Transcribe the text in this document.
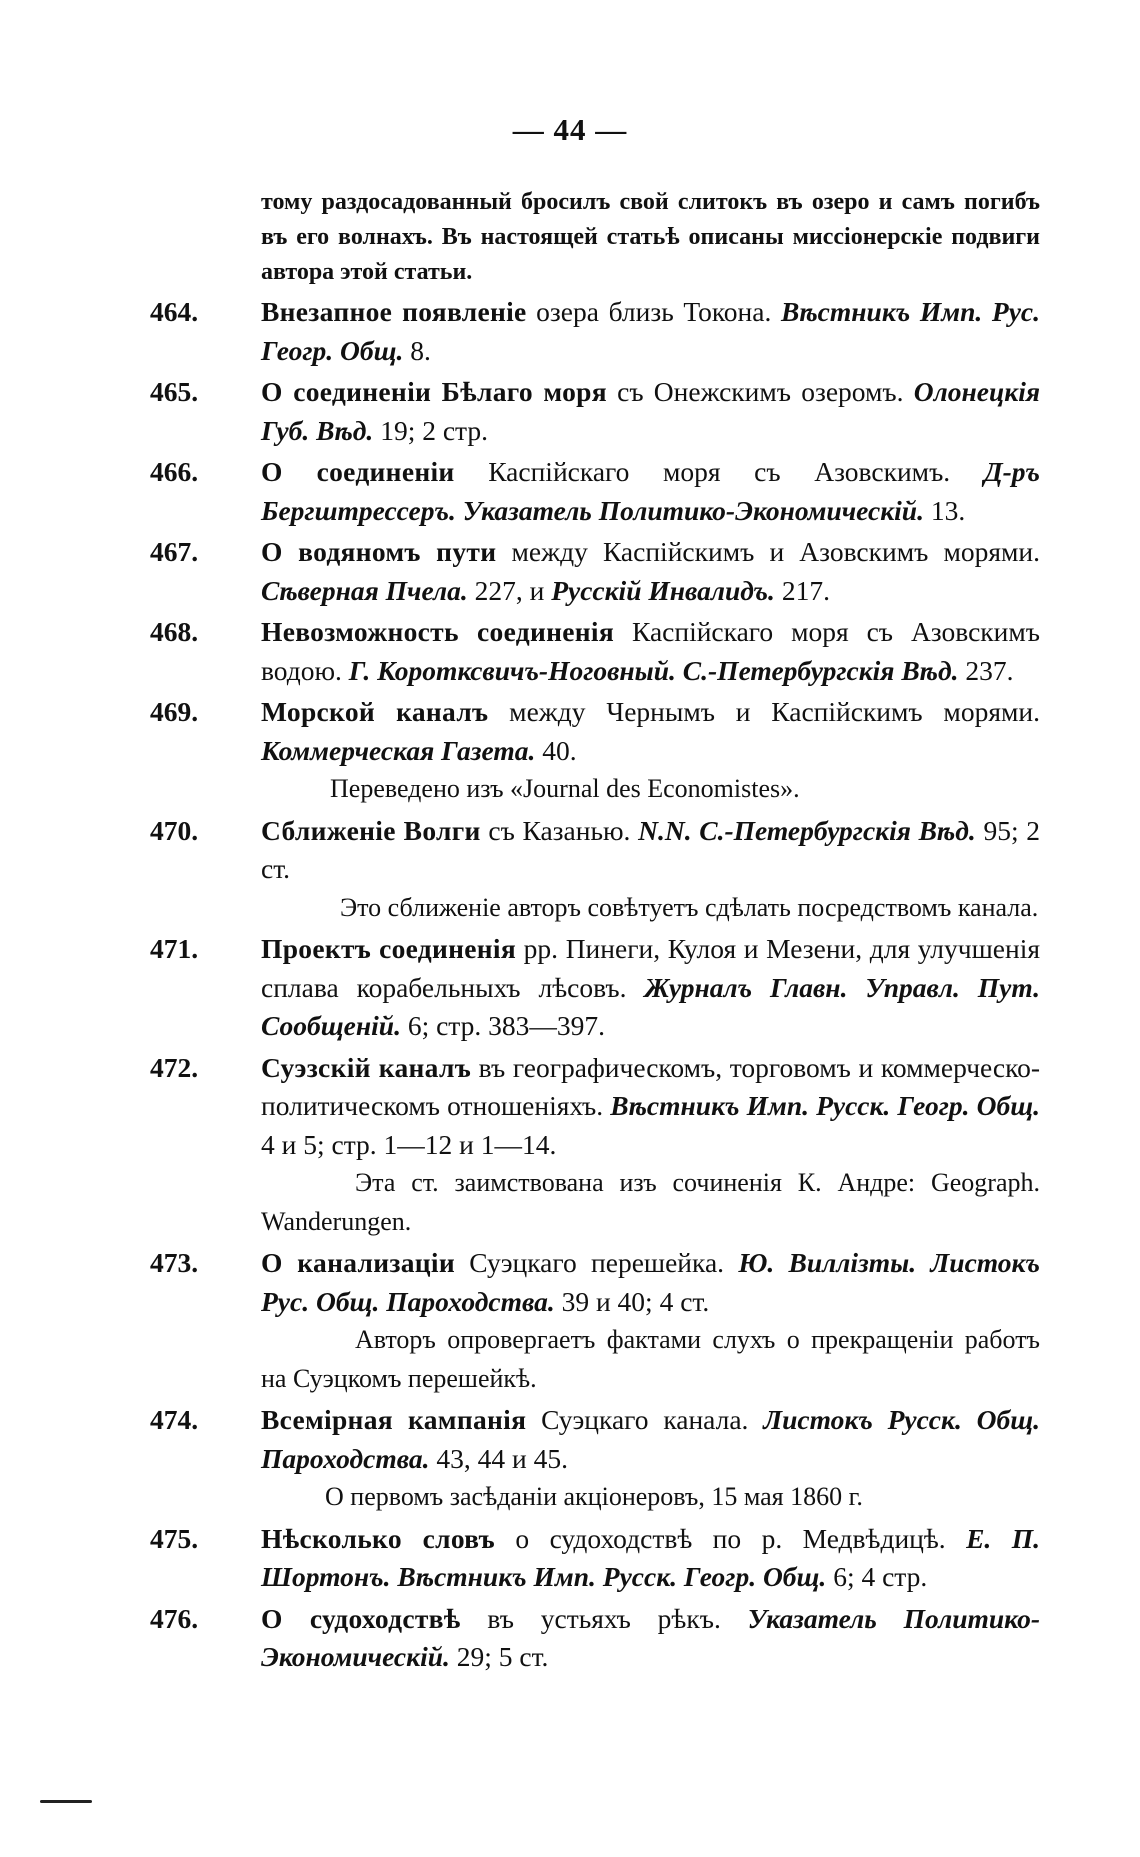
— 44 —
тому раздосадованный бросилъ свой слитокъ въ озеро и самъ погибъ въ его волнахъ. Въ настоящей статьѣ описаны миссіонерскіе подвиги автора этой статьи.
464. Внезапное появленіе озера близь Токона. Вѣстникъ Имп. Рус. Геогр. Общ. 8.
465. О соединеніи Бѣлаго моря съ Онежскимъ озеромъ. Олонецкія Губ. Вѣд. 19; 2 стр.
466. О соединеніи Каспійскаго моря съ Азовскимъ. Д-ръ Бергштрессеръ. Указатель Политико-Экономическій. 13.
467. О водяномъ пути между Каспійскимъ и Азовскимъ морями. Сѣверная Пчела. 227, и Русскій Инвалидъ. 217.
468. Невозможность соединенія Каспійскаго моря съ Азовскимъ водою. Г. Коротксвичъ-Ноговный. С.-Петербургскія Вѣд. 237.
469. Морской каналъ между Чернымъ и Каспійскимъ морями. Коммерческая Газета. 40.
Переведено изъ «Journal des Economistes».
470. Сближеніе Волги съ Казанью. N.N. С.-Петербургскія Вѣд. 95; 2 ст.
Это сближеніе авторъ совѣтуетъ сдѣлать посредствомъ канала.
471. Проектъ соединенія рр. Пинеги, Кулоя и Мезени, для улучшенія сплава корабельныхъ лѣсовъ. Журналъ Главн. Управл. Пут. Сообщеній. 6; стр. 383—397.
472. Суэзскій каналъ въ географическомъ, торговомъ и коммерческо-политическомъ отношеніяхъ. Вѣстникъ Имп. Русск. Геогр. Общ. 4 и 5; стр. 1—12 и 1—14.
Эта ст. заимствована изъ сочиненія К. Андре: Geograph. Wanderungen.
473. О канализаціи Суэцкаго перешейка. Ю. Виллізты. Листокъ Рус. Общ. Пароходства. 39 и 40; 4 ст.
Авторъ опровергаетъ фактами слухъ о прекращеніи работъ на Суэцкомъ перешейкѣ.
474. Всемірная кампанія Суэцкаго канала. Листокъ Русск. Общ. Пароходства. 43, 44 и 45.
О первомъ засѣданіи акціонеровъ, 15 мая 1860 г.
475. Нѣсколько словъ о судоходствѣ по р. Медвѣдицѣ. Е. П. Шортонъ. Вѣстникъ Имп. Русск. Геогр. Общ. 6; 4 стр.
476. О судоходствѣ въ устьяхъ рѣкъ. Указатель Политико-Экономическій. 29; 5 ст.
